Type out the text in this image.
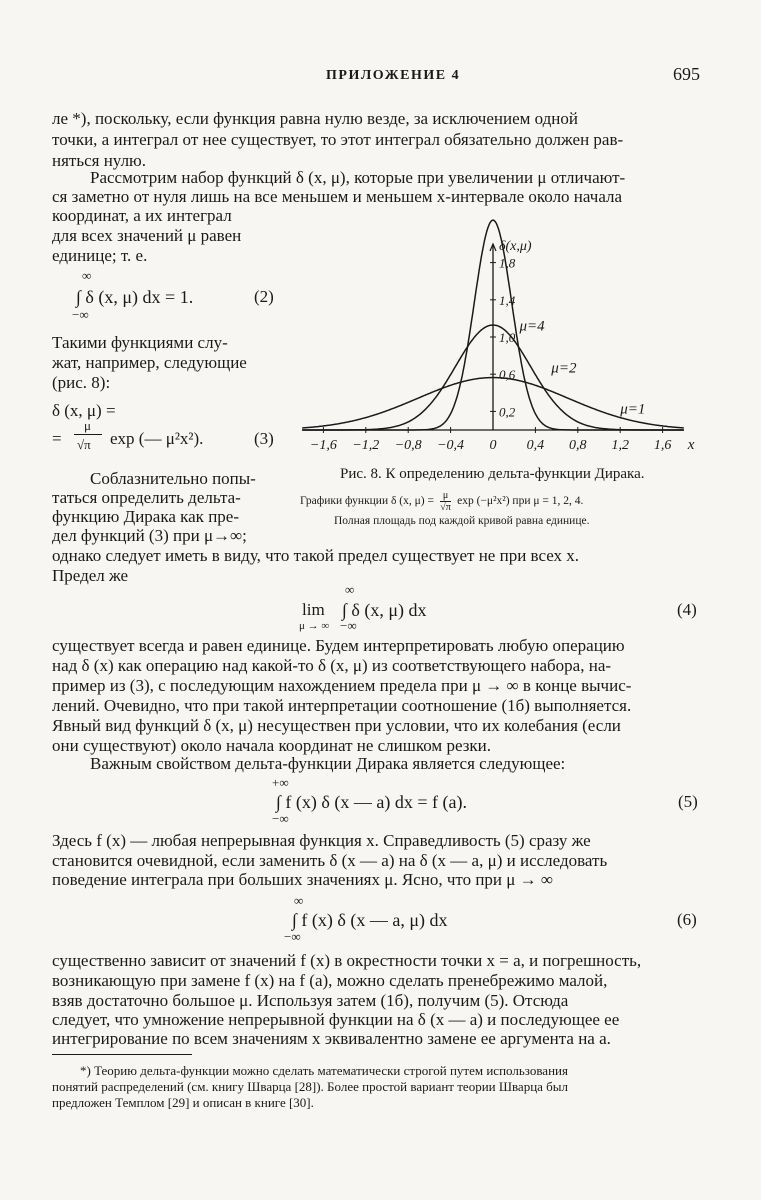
ПРИЛОЖЕНИЕ 4	695
ле *), поскольку, если функция равна нулю везде, за исключением одной
точки, а интеграл от нее существует, то этот интеграл обязательно должен рав-
няться нулю.
Рассмотрим набор функций δ (x, μ), которые при увеличении μ отличают-
ся заметно от нуля лишь на все меньшем и меньшем x-интервале около начала
координат, а их интеграл
для всех значений μ равен
единице; т. е.
∞
∫ δ (x, μ) dx = 1.
−∞
(2)
Такими функциями слу-
жат, например, следующие
(рис. 8):
δ (x, μ) =
=
μ
√π exp (— μ²x²).	(3)
Соблазнительно попы-
таться определить дельта-
функцию Дирака как пре-
дел функций (3) при μ→∞;
−1,6 −1,2 −0,8 −0,4 0 0,4 0,8 1,2 1,6
0,2
0,6
1,0
1,4
1,8
δ(x,μ)
x
μ=1
μ=2
μ=4
Рис. 8. К определению дельта-функции Дирака.
Графики функции δ (x, $\mu) = \frac{\mu}{√\pi}$ exp (−μ²x²) при μ = 1, 2, 4.
Полная площадь под каждой кривой равна единице.
однако следует иметь в виду, что такой предел существует не при всех x.
Предел же
∞
lim ∫ δ (x, μ) dx
μ → ∞ −∞
(4)
существует всегда и равен единице. Будем интерпретировать любую операцию
над δ (x) как операцию над какой-то δ (x, μ) из соответствующего набора, на-
пример из (3), с последующим нахождением предела при μ → ∞ в конце вычис-
лений. Очевидно, что при такой интерпретации соотношение (1б) выполняется.
Явный вид функций δ (x, μ) несуществен при условии, что их колебания (если
они существуют) около начала координат не слишком резки.
Важным свойством дельта-функции Дирака является следующее:
+∞
∫ f (x) δ (x — a) dx = f (a).
−∞
(5)
Здесь f (x) — любая непрерывная функция x. Справедливость (5) сразу же
становится очевидной, если заменить δ (x — a) на δ (x — a, μ) и исследовать
поведение интеграла при больших значениях μ. Ясно, что при μ → ∞
∞
∫ f (x) δ (x — a, μ) dx
−∞
(6)
существенно зависит от значений f (x) в окрестности точки x = a, и погрешность,
возникающую при замене f (x) на f (a), можно сделать пренебрежимо малой,
взяв достаточно большое μ. Используя затем (1б), получим (5). Отсюда
следует, что умножение непрерывной функции на δ (x — a) и последующее ее
интегрирование по всем значениям x эквивалентно замене ее аргумента на a.
*) Теорию дельта-функции можно сделать математически строгой путем использования
понятий распределений (см. книгу Шварца [28]). Более простой вариант теории Шварца был
предложен Темплом [29] и описан в книге [30].
